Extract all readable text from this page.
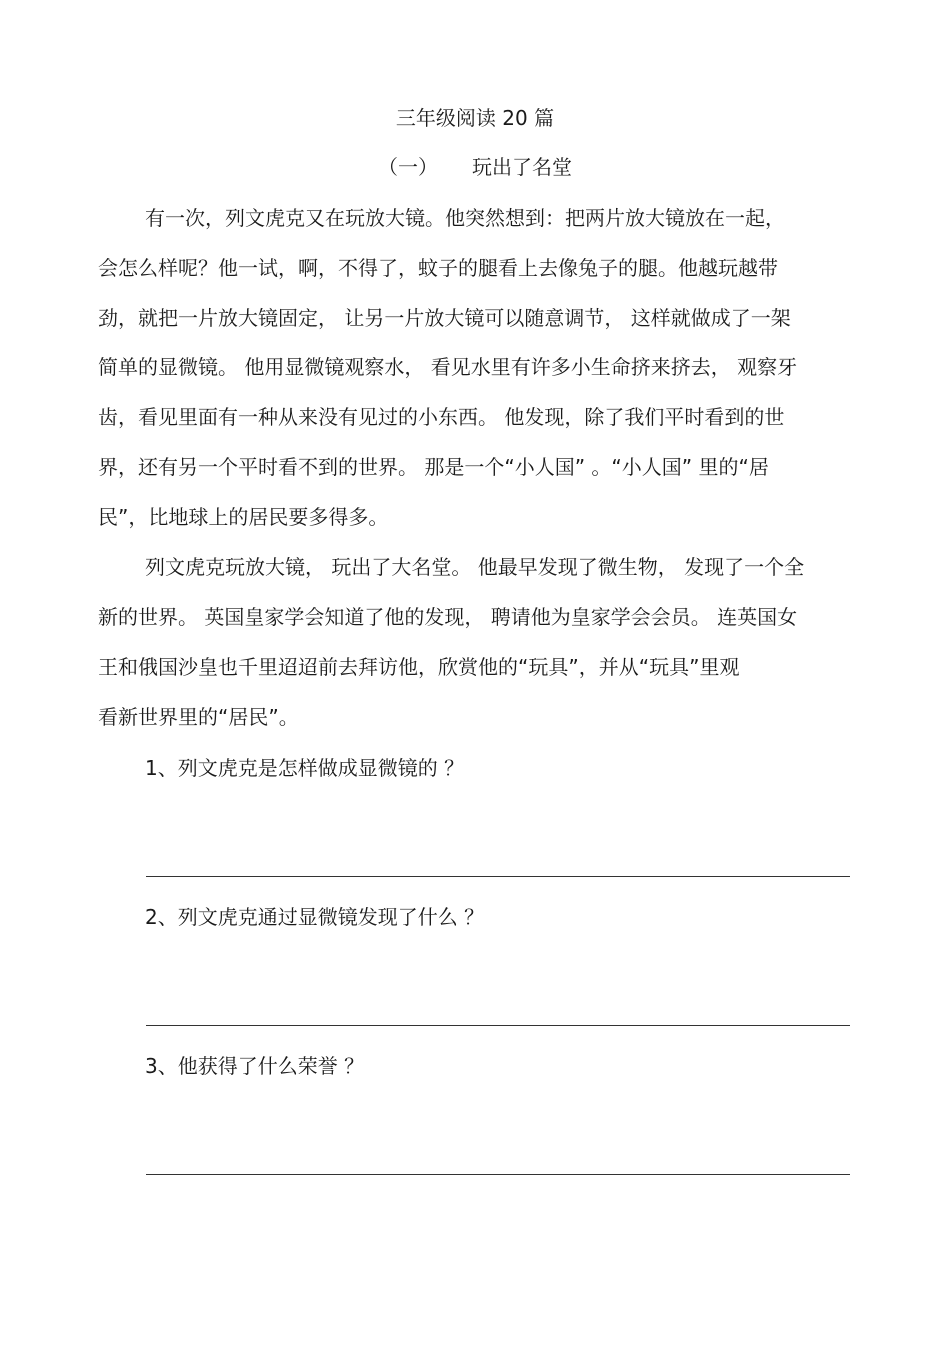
三年级阅读 20 篇
（一） 玩出了名堂
有一次，列文虎克又在玩放大镜。他突然想到：把两片放大镜放在一起，
会怎么样呢？他一试，啊，不得了，蚊子的腿看上去像兔子的腿。他越玩越带
劲，就把一片放大镜固定， 让另一片放大镜可以随意调节， 这样就做成了一架
简单的显微镜。 他用显微镜观察水， 看见水里有许多小生命挤来挤去， 观察牙
齿，看见里面有一种从来没有见过的小东西。 他发现，除了我们平时看到的世
界，还有另一个平时看不到的世界。 那是一个“小人国” 。“小人国” 里的“居
民”，比地球上的居民要多得多。
列文虎克玩放大镜， 玩出了大名堂。 他最早发现了微生物， 发现了一个全
新的世界。 英国皇家学会知道了他的发现， 聘请他为皇家学会会员。 连英国女
王和俄国沙皇也千里迢迢前去拜访他，欣赏他的“玩具”，并从“玩具”里观
看新世界里的“居民”。
1、列文虎克是怎样做成显微镜的 ？
2、列文虎克通过显微镜发现了什么 ？
3、他获得了什么荣誉 ？
